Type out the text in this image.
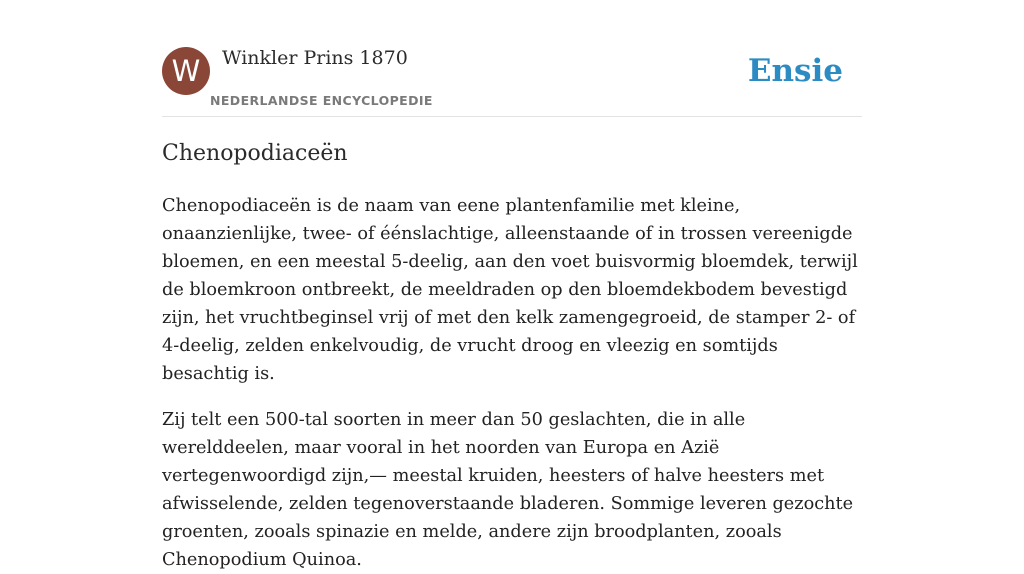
W	Winkler Prins 1870
NEDERLANDSE ENCYCLOPEDIE
Ensie
Chenopodiaceën

Chenopodiaceën is de naam van eene plantenfamilie met kleine, onaanzienlijke, twee- of éénslachtige, alleenstaande of in trossen vereenigde bloemen, en een meestal 5-deelig, aan den voet buisvormig bloemdek, terwijl de bloemkroon ontbreekt, de meeldraden op den bloemdekbodem bevestigd zijn, het vruchtbeginsel vrij of met den kelk zamengegroeid, de stamper 2- of 4-deelig, zelden enkelvoudig, de vrucht droog en vleezig en somtijds besachtig is.

Zij telt een 500-tal soorten in meer dan 50 geslachten, die in alle werelddeelen, maar vooral in het noorden van Europa en Azië vertegenwoordigd zijn,— meestal kruiden, heesters of halve heesters met afwisselende, zelden tegenoverstaande bladeren. Sommige leveren gezochte groenten, zooals spinazie en melde, andere zijn broodplanten, zooals Chenopodium Quinoa.
